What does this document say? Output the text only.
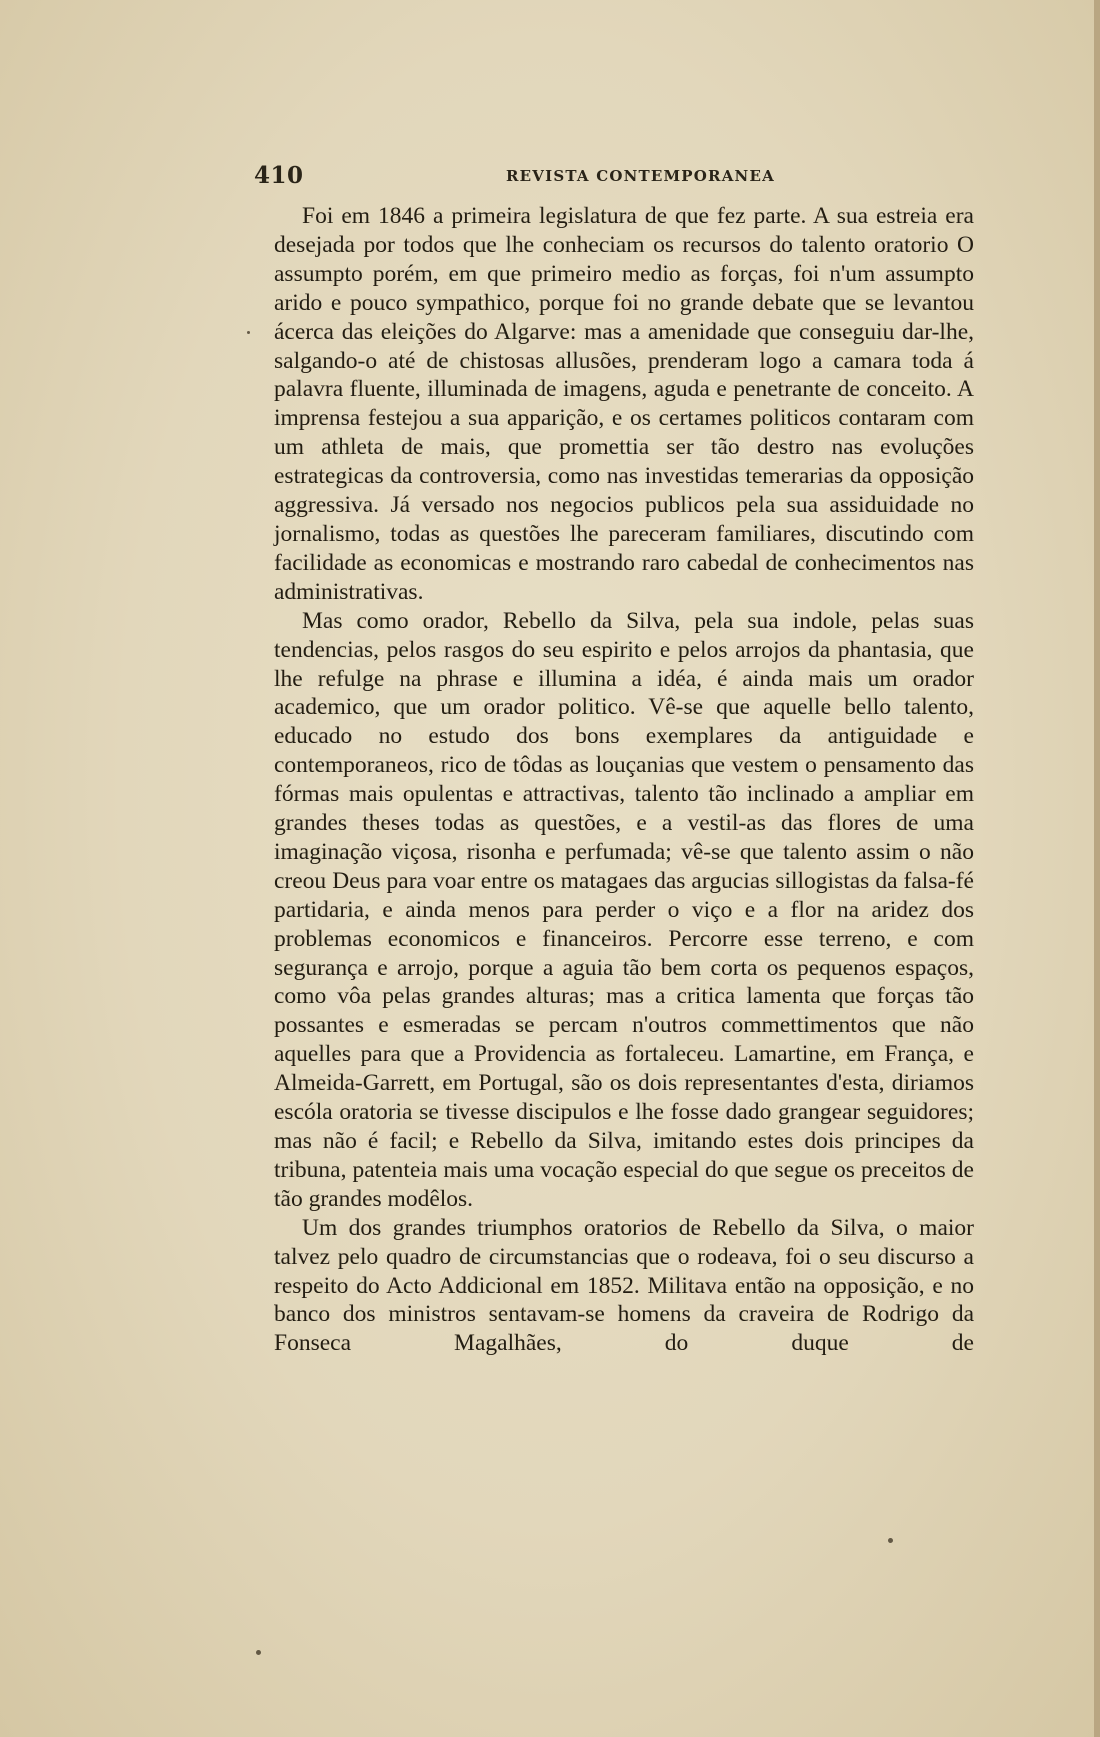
410	REVISTA CONTEMPORANEA

Foi em 1846 a primeira legislatura de que fez parte. A sua estreia era desejada por todos que lhe conheciam os recursos do talento oratorio O assumpto porém, em que primeiro medio as forças, foi n'um assumpto arido e pouco sympathico, porque foi no grande debate que se levantou ácerca das eleições do Algarve: mas a amenidade que conseguiu dar-lhe, salgando-o até de chistosas allusões, prenderam logo a camara toda á palavra fluente, illuminada de imagens, aguda e penetrante de conceito. A imprensa festejou a sua apparição, e os certames politicos contaram com um athleta de mais, que promettia ser tão destro nas evoluções estrategicas da controversia, como nas investidas temerarias da opposição aggressiva. Já versado nos negocios publicos pela sua assiduidade no jornalismo, todas as questões lhe pareceram familiares, discutindo com facilidade as economicas e mostrando raro cabedal de conhecimentos nas administrativas.

Mas como orador, Rebello da Silva, pela sua indole, pelas suas tendencias, pelos rasgos do seu espirito e pelos arrojos da phantasia, que lhe refulge na phrase e illumina a idéa, é ainda mais um orador academico, que um orador politico. Vê-se que aquelle bello talento, educado no estudo dos bons exemplares da antiguidade e contemporaneos, rico de tôdas as louçanias que vestem o pensamento das fórmas mais opulentas e attractivas, talento tão inclinado a ampliar em grandes theses todas as questões, e a vestil-as das flores de uma imaginação viçosa, risonha e perfumada; vê-se que talento assim o não creou Deus para voar entre os matagaes das argucias sillogistas da falsa-fé partidaria, e ainda menos para perder o viço e a flor na aridez dos problemas economicos e financeiros. Percorre esse terreno, e com segurança e arrojo, porque a aguia tão bem corta os pequenos espaços, como vôa pelas grandes alturas; mas a critica lamenta que forças tão possantes e esmeradas se percam n'outros commettimentos que não aquelles para que a Providencia as fortaleceu. Lamartine, em França, e Almeida-Garrett, em Portugal, são os dois representantes d'esta, diriamos escóla oratoria se tivesse discipulos e lhe fosse dado grangear seguidores; mas não é facil; e Rebello da Silva, imitando estes dois principes da tribuna, patenteia mais uma vocação especial do que segue os preceitos de tão grandes modêlos.

Um dos grandes triumphos oratorios de Rebello da Silva, o maior talvez pelo quadro de circumstancias que o rodeava, foi o seu discurso a respeito do Acto Addicional em 1852. Militava então na opposição, e no banco dos ministros sentavam-se homens da craveira de Rodrigo da Fonseca Magalhães, do duque de
